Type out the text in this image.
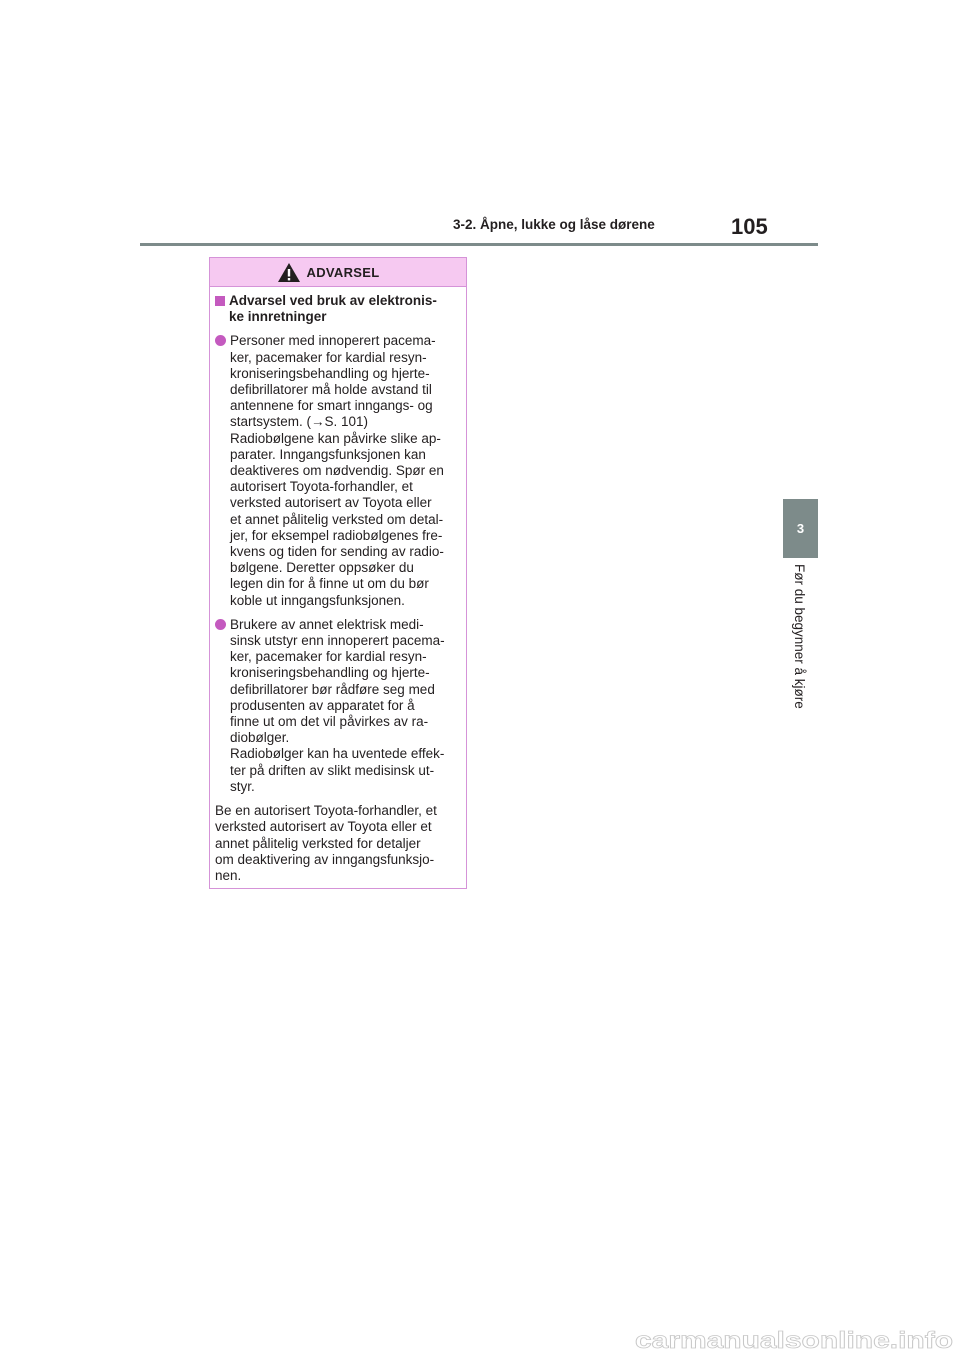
3-2. Åpne, lukke og låse dørene	105
3
Før du begynner å kjøre
ADVARSEL
Advarsel ved bruk av elektronis-
ke innretninger

Personer med innoperert pacema-
ker, pacemaker for kardial resyn-
kroniseringsbehandling og hjerte-
defibrillatorer må holde avstand til
antennene for smart inngangs- og
startsystem. (→S. 101)

Radiobølgene kan påvirke slike ap-
parater. Inngangsfunksjonen kan
deaktiveres om nødvendig. Spør en
autorisert Toyota-forhandler, et
verksted autorisert av Toyota eller
et annet pålitelig verksted om detal-
jer, for eksempel radiobølgenes fre-
kvens og tiden for sending av radio-
bølgene. Deretter oppsøker du
legen din for å finne ut om du bør
koble ut inngangsfunksjonen.

Brukere av annet elektrisk medi-
sinsk utstyr enn innoperert pacema-
ker, pacemaker for kardial resyn-
kroniseringsbehandling og hjerte-
defibrillatorer bør rådføre seg med
produsenten av apparatet for å
finne ut om det vil påvirkes av ra-
diobølger.

Radiobølger kan ha uventede effek-
ter på driften av slikt medisinsk ut-
styr.

Be en autorisert Toyota-forhandler, et
verksted autorisert av Toyota eller et
annet pålitelig verksted for detaljer
om deaktivering av inngangsfunksjo-
nen.

carmanualsonline.info
